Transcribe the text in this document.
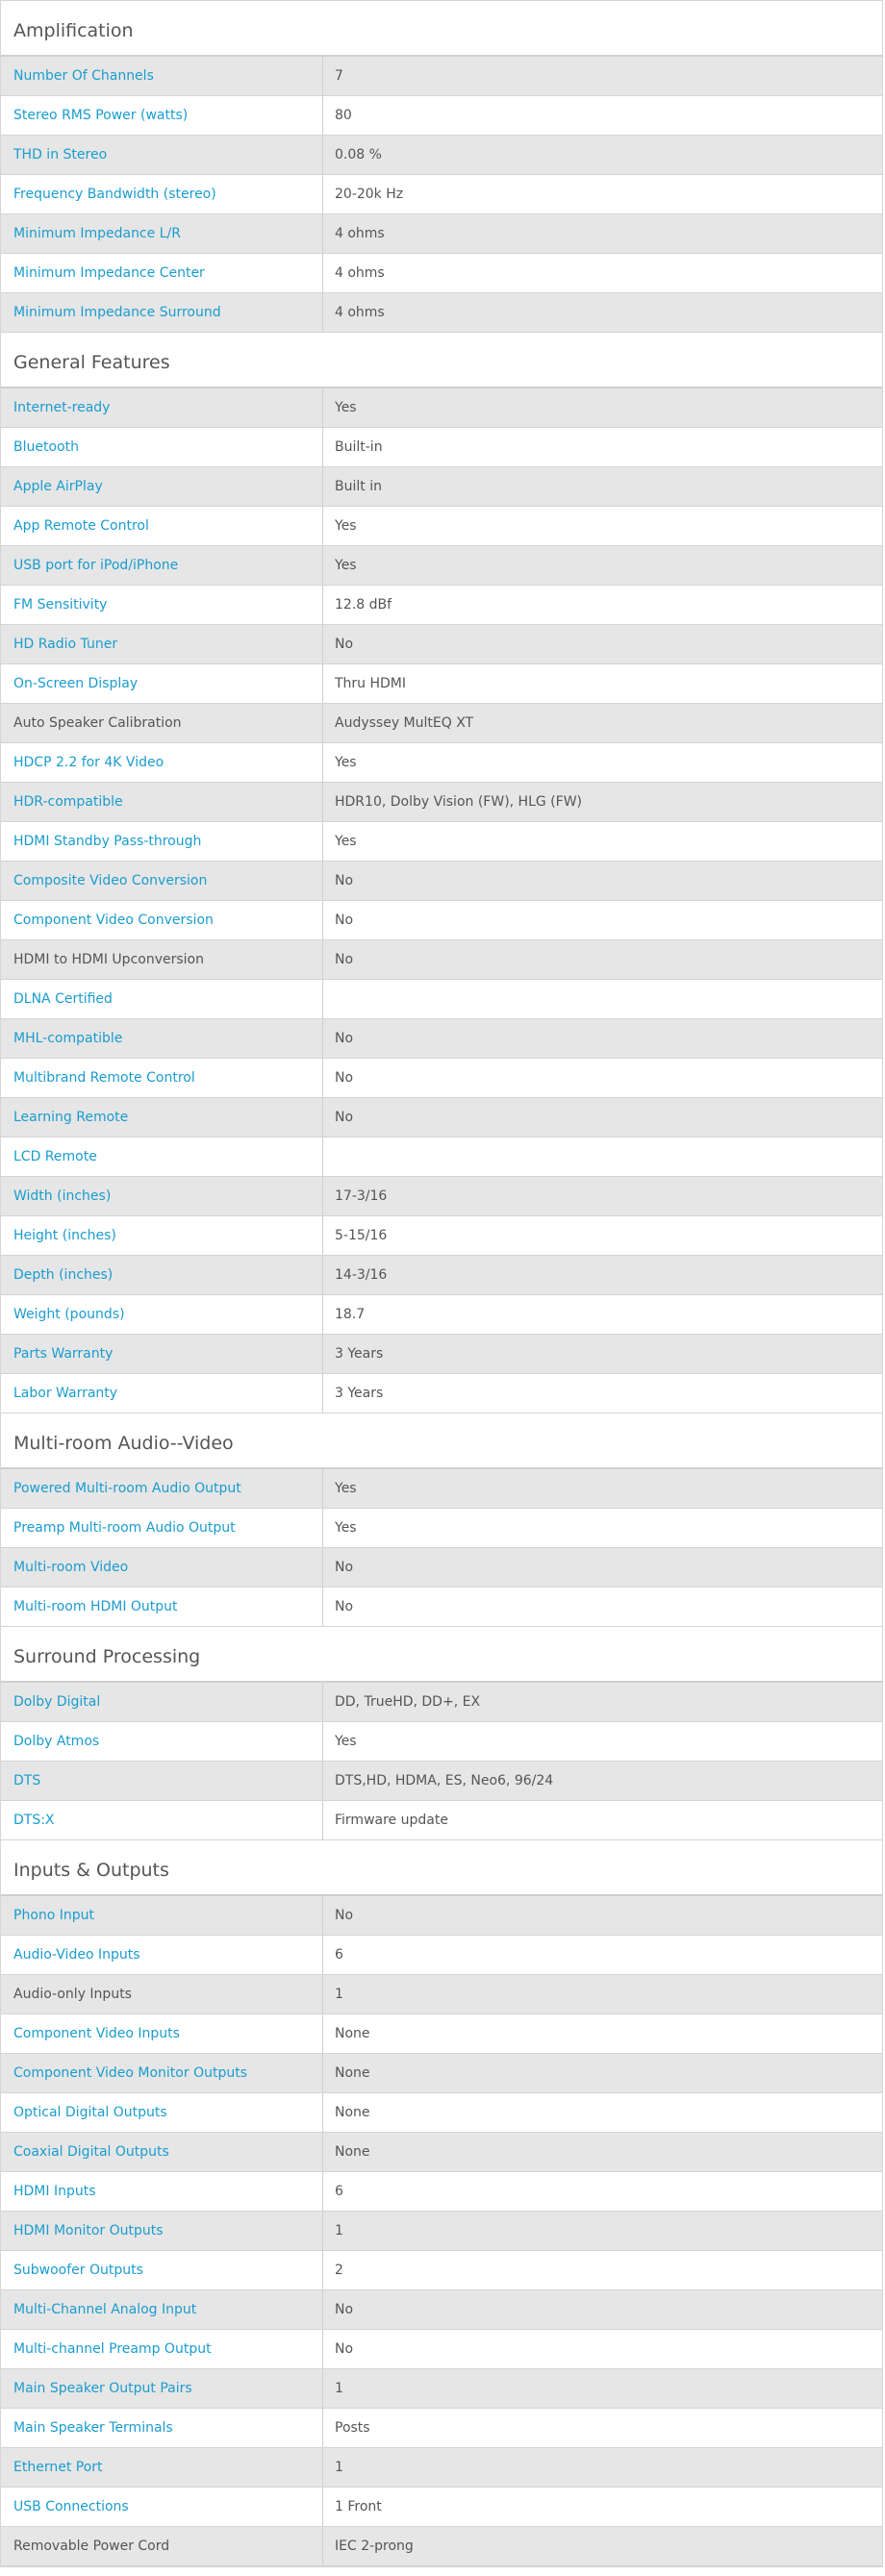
Amplification
Number Of Channels	7
Stereo RMS Power (watts)	80
THD in Stereo	0.08 %
Frequency Bandwidth (stereo)	20-20k Hz
Minimum Impedance L/R	4 ohms
Minimum Impedance Center	4 ohms
Minimum Impedance Surround	4 ohms
General Features
Internet-ready	Yes
Bluetooth	Built-in
Apple AirPlay	Built in
App Remote Control	Yes
USB port for iPod/iPhone	Yes
FM Sensitivity	12.8 dBf
HD Radio Tuner	No
On-Screen Display	Thru HDMI
Auto Speaker Calibration	Audyssey MultEQ XT
HDCP 2.2 for 4K Video	Yes
HDR-compatible	HDR10, Dolby Vision (FW), HLG (FW)
HDMI Standby Pass-through	Yes
Composite Video Conversion	No
Component Video Conversion	No
HDMI to HDMI Upconversion	No
DLNA Certified
MHL-compatible	No
Multibrand Remote Control	No
Learning Remote	No
LCD Remote
Width (inches)	17-3/16
Height (inches)	5-15/16
Depth (inches)	14-3/16
Weight (pounds)	18.7
Parts Warranty	3 Years
Labor Warranty	3 Years
Multi-room Audio--Video
Powered Multi-room Audio Output	Yes
Preamp Multi-room Audio Output	Yes
Multi-room Video	No
Multi-room HDMI Output	No
Surround Processing
Dolby Digital	DD, TrueHD, DD+, EX
Dolby Atmos	Yes
DTS	DTS,HD, HDMA, ES, Neo6, 96/24
DTS:X	Firmware update
Inputs & Outputs
Phono Input	No
Audio-Video Inputs	6
Audio-only Inputs	1
Component Video Inputs	None
Component Video Monitor Outputs	None
Optical Digital Outputs	None
Coaxial Digital Outputs	None
HDMI Inputs	6
HDMI Monitor Outputs	1
Subwoofer Outputs	2
Multi-Channel Analog Input	No
Multi-channel Preamp Output	No
Main Speaker Output Pairs	1
Main Speaker Terminals	Posts
Ethernet Port	1
USB Connections	1 Front
Removable Power Cord	IEC 2-prong
